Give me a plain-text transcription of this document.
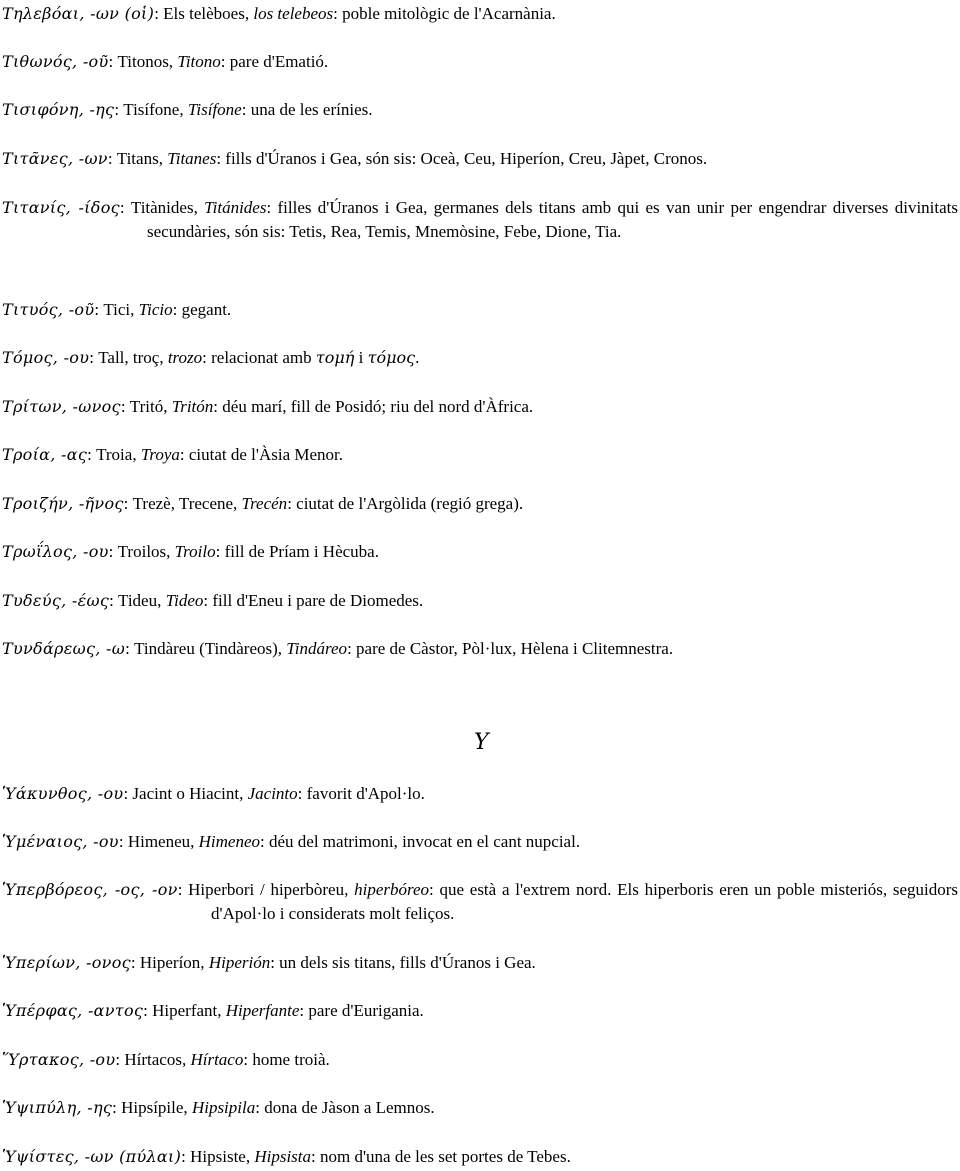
Τηλεβόαι, -ων (οἱ): Els telèboes, los telebeos: poble mitològic de l'Acarnània.
Τιθωνός, -οῦ: Titonos, Titono: pare d'Ematió.
Τισιφόνη, -ης: Tisífone, Tisífone: una de les erínies.
Τιτᾶνες, -ων: Titans, Titanes: fills d'Úranos i Gea, són sis: Oceà, Ceu, Hiperíon, Creu, Jàpet, Cronos.
Τιτανίς, -ίδος: Titànides, Titánides: filles d'Úranos i Gea, germanes dels titans amb qui es van unir per engendrar diverses divinitats secundàries, són sis: Tetis, Rea, Temis, Mnemòsine, Febe, Dione, Tia.
Τιτυός, -οῦ: Tici, Ticio: gegant.
Τόμος, -ου: Tall, troç, trozo: relacionat amb τομή i τόμος.
Τρίτων, -ωνος: Tritó, Tritón: déu marí, fill de Posidó; riu del nord d'Àfrica.
Τροία, -ας: Troia, Troya: ciutat de l'Àsia Menor.
Τροιζήν, -ῆνος: Trezè, Trecene, Trecén: ciutat de l'Argòlida (regió grega).
Τρωΐλος, -ου: Troilos, Troilo: fill de Príam i Hècuba.
Τυδεύς, -έως: Tideu, Tideo: fill d'Eneu i pare de Diomedes.
Τυνδάρεως, -ω: Tindàreu (Tindàreos), Tindáreo: pare de Càstor, Pòl·lux, Hèlena i Clitemnestra.
Υ
Ὑάκυνθος, -ου: Jacint o Hiacint, Jacinto: favorit d'Apol·lo.
Ὑμέναιος, -ου: Himeneu, Himeneo: déu del matrimoni, invocat en el cant nupcial.
Ὑπερβόρεος, -ος, -ον: Hiperbori / hiperbòreu, hiperbóreo: que està a l'extrem nord. Els hiperboris eren un poble misteriós, seguidors d'Apol·lo i considerats molt feliços.
Ὑπερίων, -ονος: Hiperíon, Hiperión: un dels sis titans, fills d'Úranos i Gea.
Ὑπέρφας, -αντος: Hiperfant, Hiperfante: pare d'Eurigania.
Ὕρτακος, -ου: Hírtacos, Hírtaco: home troià.
Ὑψιπύλη, -ης: Hipsípile, Hipsipila: dona de Jàson a Lemnos.
Ὑψίστες, -ων (πύλαι): Hipsiste, Hipsista: nom d'una de les set portes de Tebes.
